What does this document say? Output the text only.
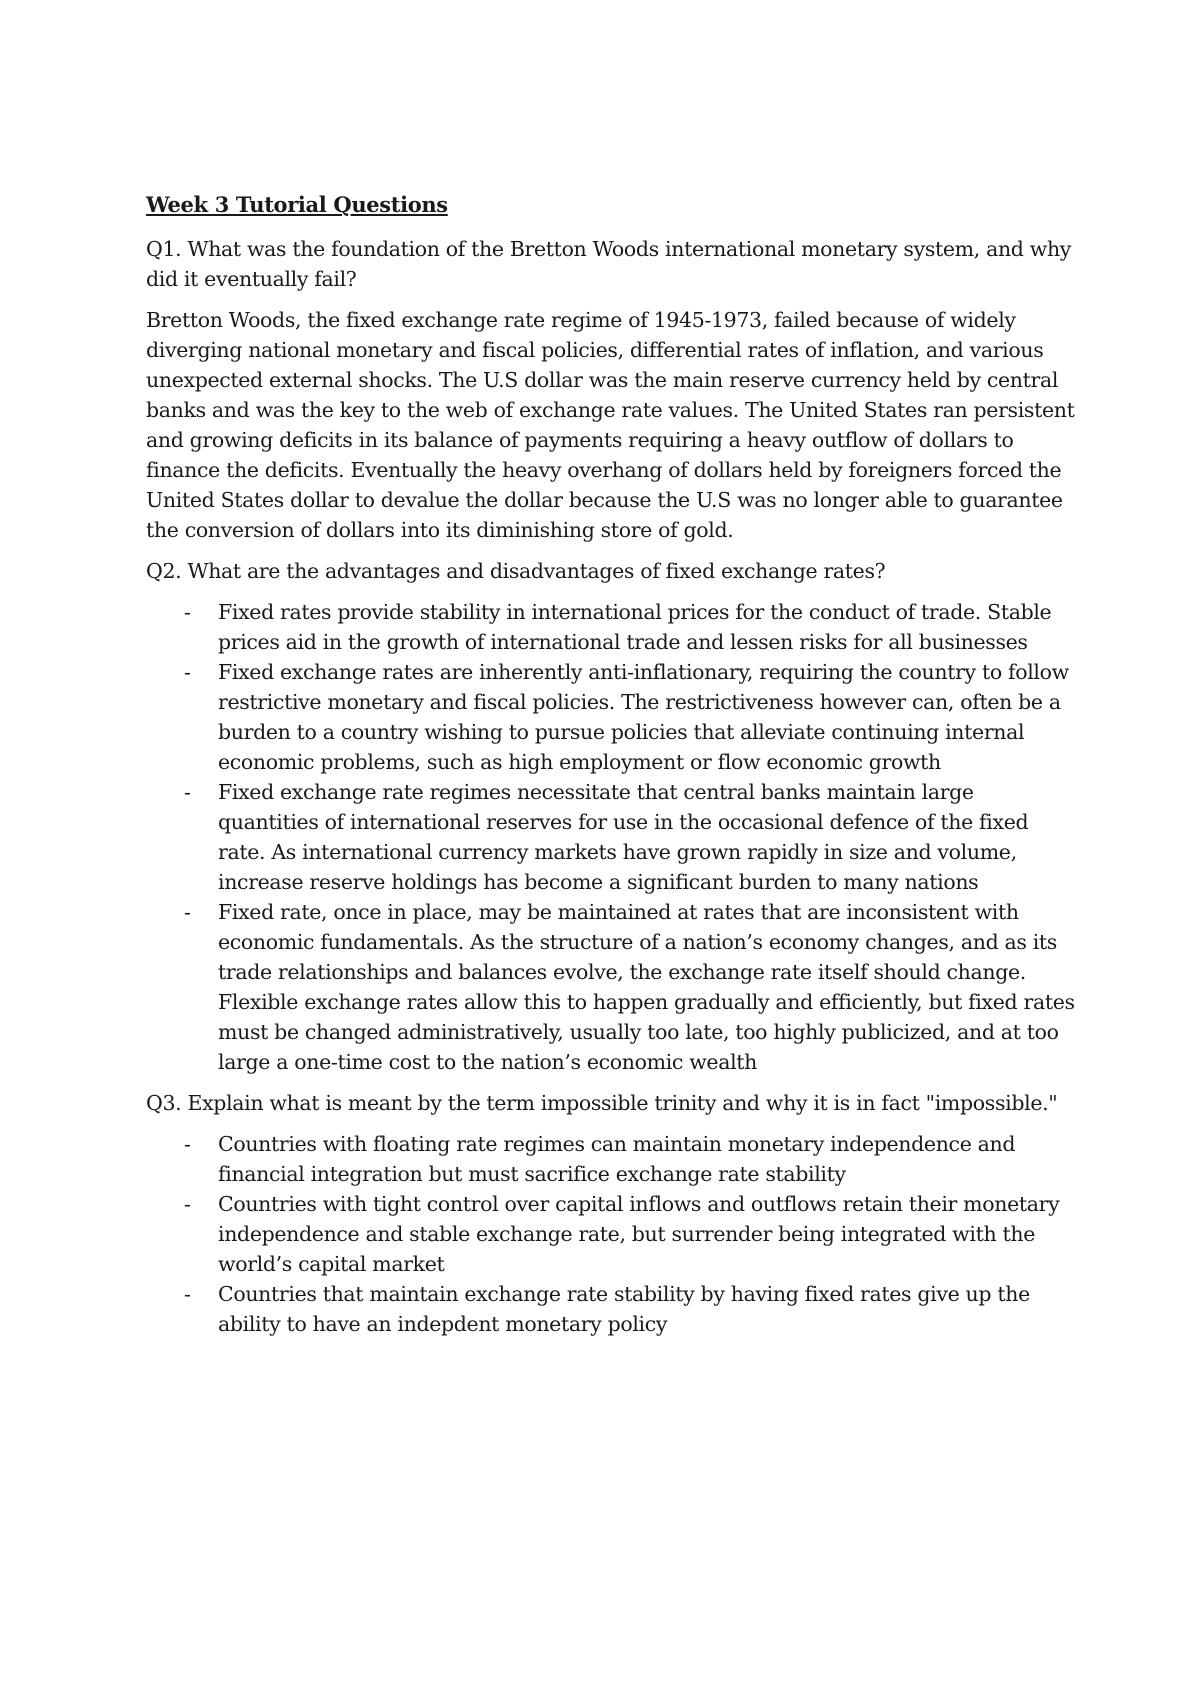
Week 3 Tutorial Questions

Q1. What was the foundation of the Bretton Woods international monetary system, and why did it eventually fail?

Bretton Woods, the fixed exchange rate regime of 1945-1973, failed because of widely diverging national monetary and fiscal policies, differential rates of inflation, and various unexpected external shocks. The U.S dollar was the main reserve currency held by central banks and was the key to the web of exchange rate values. The United States ran persistent and growing deficits in its balance of payments requiring a heavy outflow of dollars to finance the deficits. Eventually the heavy overhang of dollars held by foreigners forced the United States dollar to devalue the dollar because the U.S was no longer able to guarantee the conversion of dollars into its diminishing store of gold.

Q2. What are the advantages and disadvantages of fixed exchange rates?

- Fixed rates provide stability in international prices for the conduct of trade. Stable prices aid in the growth of international trade and lessen risks for all businesses
- Fixed exchange rates are inherently anti-inflationary, requiring the country to follow restrictive monetary and fiscal policies. The restrictiveness however can, often be a burden to a country wishing to pursue policies that alleviate continuing internal economic problems, such as high employment or flow economic growth
- Fixed exchange rate regimes necessitate that central banks maintain large quantities of international reserves for use in the occasional defence of the fixed rate. As international currency markets have grown rapidly in size and volume, increase reserve holdings has become a significant burden to many nations
- Fixed rate, once in place, may be maintained at rates that are inconsistent with economic fundamentals. As the structure of a nation’s economy changes, and as its trade relationships and balances evolve, the exchange rate itself should change. Flexible exchange rates allow this to happen gradually and efficiently, but fixed rates must be changed administratively, usually too late, too highly publicized, and at too large a one-time cost to the nation’s economic wealth

Q3. Explain what is meant by the term impossible trinity and why it is in fact "impossible."

- Countries with floating rate regimes can maintain monetary independence and financial integration but must sacrifice exchange rate stability
- Countries with tight control over capital inflows and outflows retain their monetary independence and stable exchange rate, but surrender being integrated with the world’s capital market
- Countries that maintain exchange rate stability by having fixed rates give up the ability to have an indepdent monetary policy
